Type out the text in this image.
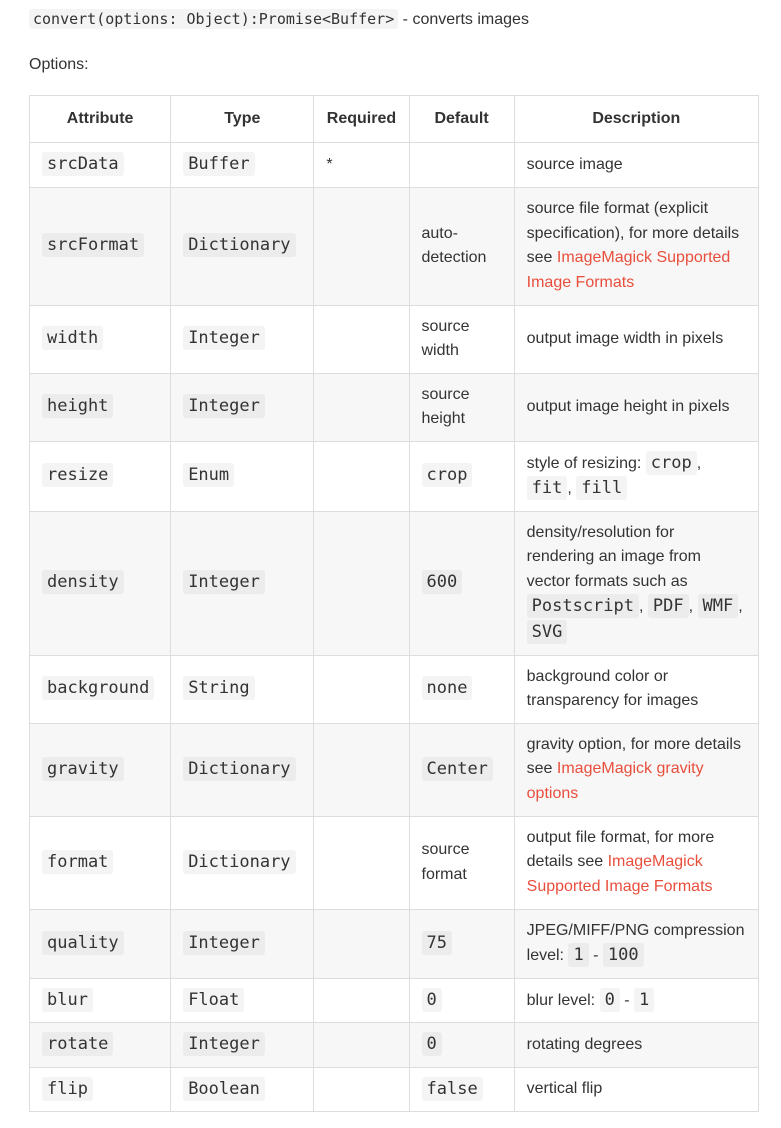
convert(options: Object):Promise<Buffer> - converts images
Options:
Attribute	Type	Required	Default	Description
srcData	Buffer	*		source image
srcFormat	Dictionary		auto-detection	source file format (explicit specification), for more details see ImageMagick Supported Image Formats
width	Integer		source width	output image width in pixels
height	Integer		source height	output image height in pixels
resize	Enum		crop	style of resizing: crop , fit , fill
density	Integer		600	density/resolution for rendering an image from vector formats such as Postscript , PDF , WMF , SVG
background	String		none	background color or transparency for images
gravity	Dictionary		Center	gravity option, for more details see ImageMagick gravity options
format	Dictionary		source format	output file format, for more details see ImageMagick Supported Image Formats
quality	Integer		75	JPEG/MIFF/PNG compression level: 1 - 100
blur	Float		0	blur level: 0 - 1
rotate	Integer		0	rotating degrees
flip	Boolean		false	vertical flip
